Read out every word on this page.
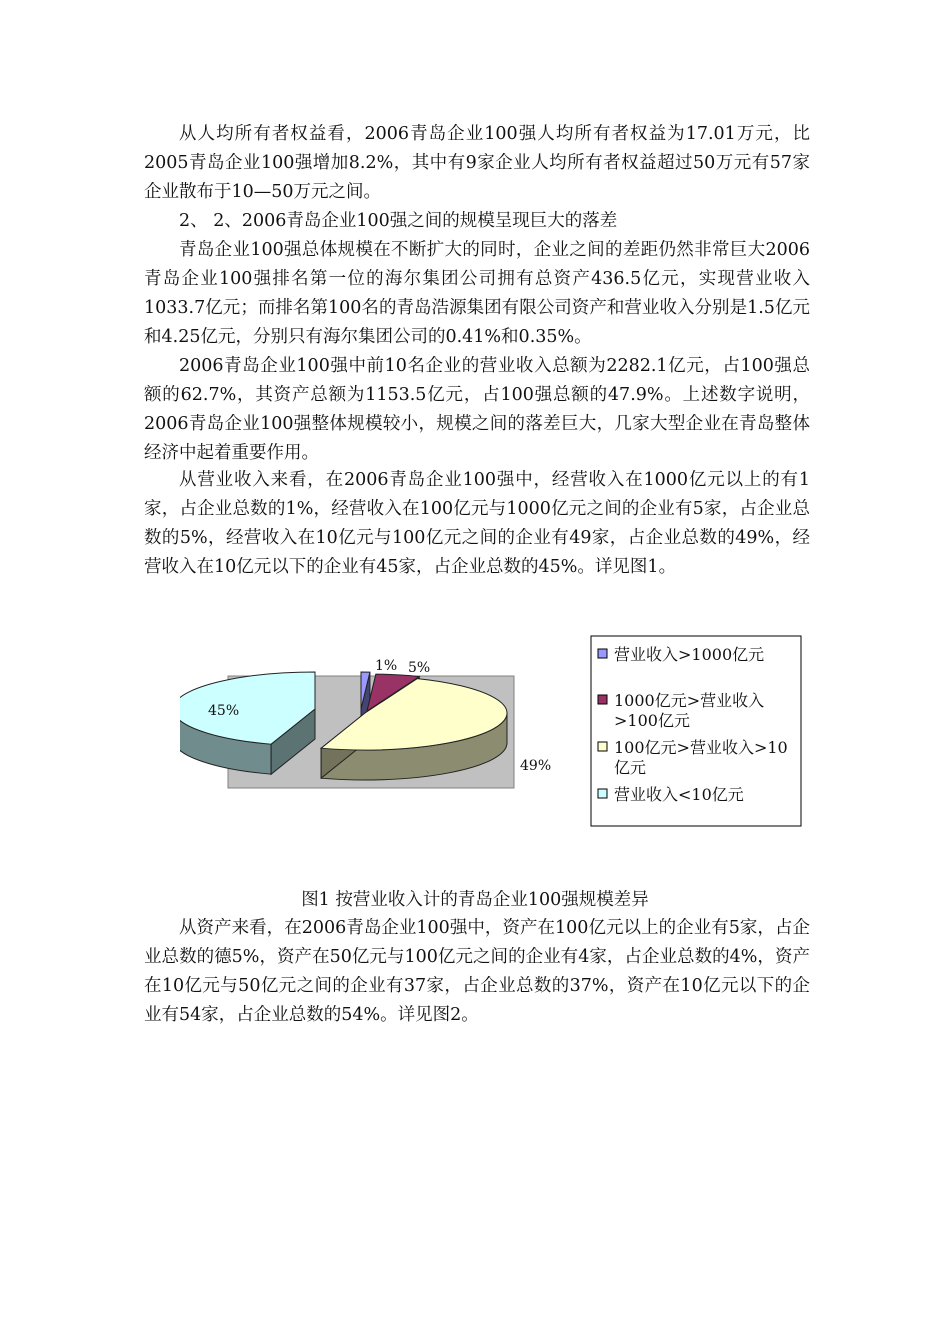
从人均所有者权益看，2006青岛企业100强人均所有者权益为17.01万元，比2005青岛企业100强增加8.2%，其中有9家企业人均所有者权益超过50万元有57家企业散布于10—50万元之间。

2、 2、2006青岛企业100强之间的规模呈现巨大的落差

青岛企业100强总体规模在不断扩大的同时，企业之间的差距仍然非常巨大2006青岛企业100强排名第一位的海尔集团公司拥有总资产436.5亿元，实现营业收入1033.7亿元；而排名第100名的青岛浩源集团有限公司资产和营业收入分别是1.5亿元和4.25亿元，分别只有海尔集团公司的0.41%和0.35%。

2006青岛企业100强中前10名企业的营业收入总额为2282.1亿元，占100强总额的62.7%，其资产总额为1153.5亿元，占100强总额的47.9%。上述数字说明，2006青岛企业100强整体规模较小，规模之间的落差巨大，几家大型企业在青岛整体经济中起着重要作用。

从营业收入来看，在2006青岛企业100强中，经营收入在1000亿元以上的有1家，占企业总数的1%，经营收入在100亿元与1000亿元之间的企业有5家，占企业总数的5%，经营收入在10亿元与100亿元之间的企业有49家，占企业总数的49%，经营收入在10亿元以下的企业有45家，占企业总数的45%。详见图1。

1% 5%
49%
45%
营业收入>1000亿元
1000亿元>营业收入
>100亿元
100亿元>营业收入>10
亿元
营业收入<10亿元

图1 按营业收入计的青岛企业100强规模差异

从资产来看，在2006青岛企业100强中，资产在100亿元以上的企业有5家，占企业总数的德5%，资产在50亿元与100亿元之间的企业有4家，占企业总数的4%，资产在10亿元与50亿元之间的企业有37家，占企业总数的37%，资产在10亿元以下的企业有54家，占企业总数的54%。详见图2。
